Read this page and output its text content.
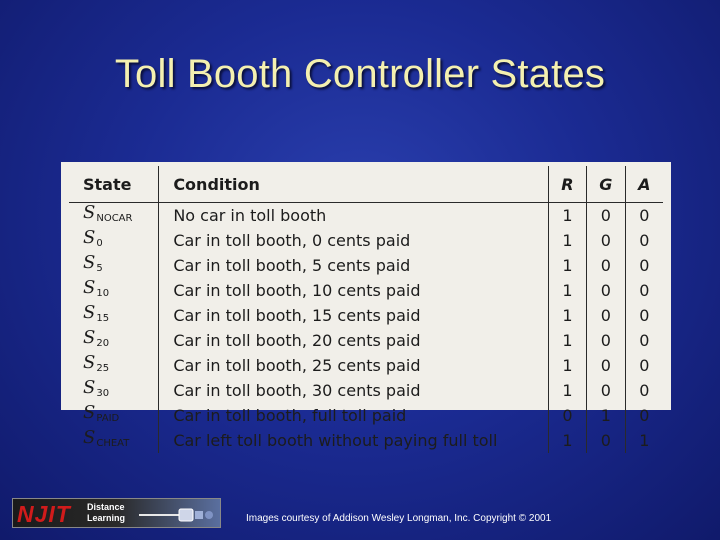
Toll Booth Controller States
State	Condition	R	G	A
SNOCAR	No car in toll booth	1	0	0
S0	Car in toll booth, 0 cents paid	1	0	0
S5	Car in toll booth, 5 cents paid	1	0	0
S10	Car in toll booth, 10 cents paid	1	0	0
S15	Car in toll booth, 15 cents paid	1	0	0
S20	Car in toll booth, 20 cents paid	1	0	0
S25	Car in toll booth, 25 cents paid	1	0	0
S30	Car in toll booth, 30 cents paid	1	0	0
SPAID	Car in toll booth, full toll paid	0	1	0
SCHEAT	Car left toll booth without paying full toll	1	0	1
NJIT Distance
Learning	Images courtesy of Addison Wesley Longman, Inc. Copyright © 2001
